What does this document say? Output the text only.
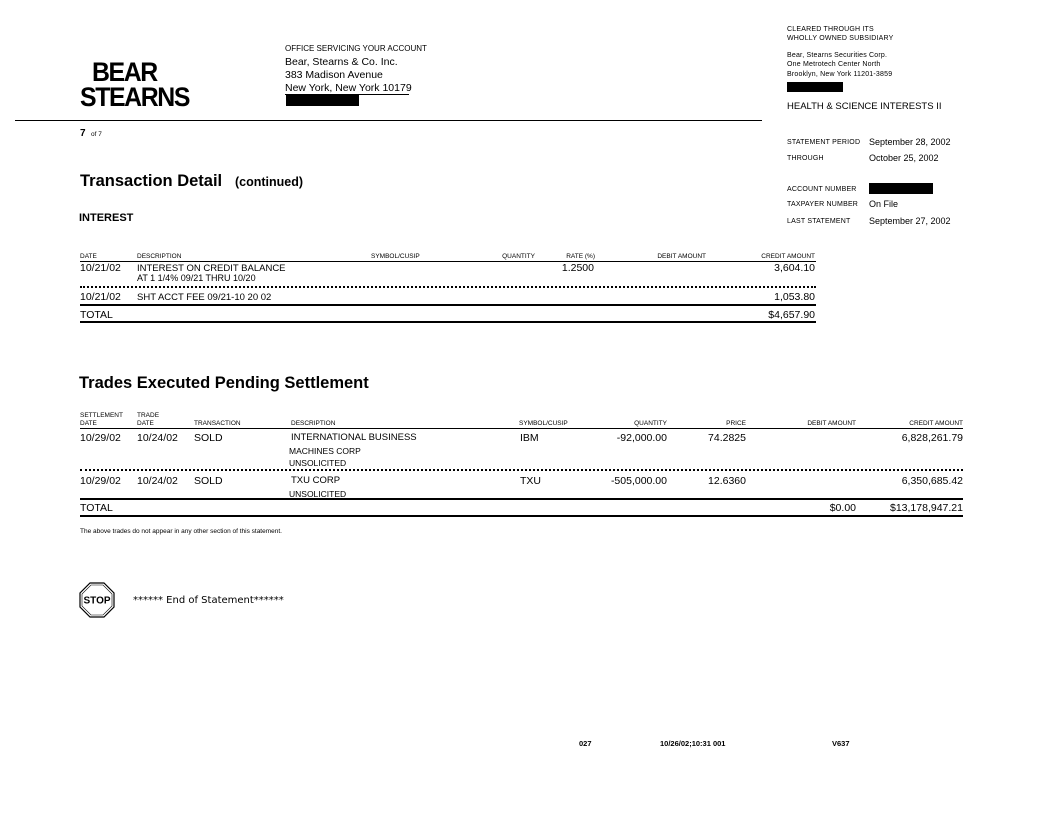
BEAR
STEARNS
OFFICE SERVICING YOUR ACCOUNT
Bear, Stearns & Co. Inc.
383 Madison Avenue
New York, New York 10179
CLEARED THROUGH ITS
WHOLLY OWNED SUBSIDIARY
Bear, Stearns Securities Corp.
One Metrotech Center North
Brooklyn, New York 11201-3859
HEALTH & SCIENCE INTERESTS II
7 of 7
STATEMENT PERIOD September 28, 2002
THROUGH	October 25, 2002
ACCOUNT NUMBER
TAXPAYER NUMBER On File
LAST STATEMENT September 27, 2002
Transaction Detail (continued)
INTEREST
DATE	DESCRIPTION	SYMBOL/CUSIP	QUANTITY	RATE (%)	DEBIT AMOUNT	CREDIT AMOUNT
10/21/02 INTEREST ON CREDIT BALANCE
AT 1 1/4% 09/21 THRU 10/20
1.2500	3,604.10
10/21/02 SHT ACCT FEE 09/21-10 20 02	1,053.80
TOTAL	$4,657.90
Trades Executed Pending Settlement
SETTLEMENT
DATE
TRADE
DATE	TRANSACTION	DESCRIPTION	SYMBOL/CUSIP	QUANTITY	PRICE	DEBIT AMOUNT	CREDIT AMOUNT
10/29/02 10/24/02 SOLD	INTERNATIONAL BUSINESS
MACHINES CORP
UNSOLICITED
IBM	-92,000.00	74.2825	6,828,261.79
10/29/02 10/24/02 SOLD	TXU CORP
UNSOLICITED
TXU	-505,000.00	12.6360	6,350,685.42
TOTAL	$0.00	$13,178,947.21
The above trades do not appear in any other section of this statement.
STOP ****** End of Statement******
027	10/26/02;10:31 001	V637
